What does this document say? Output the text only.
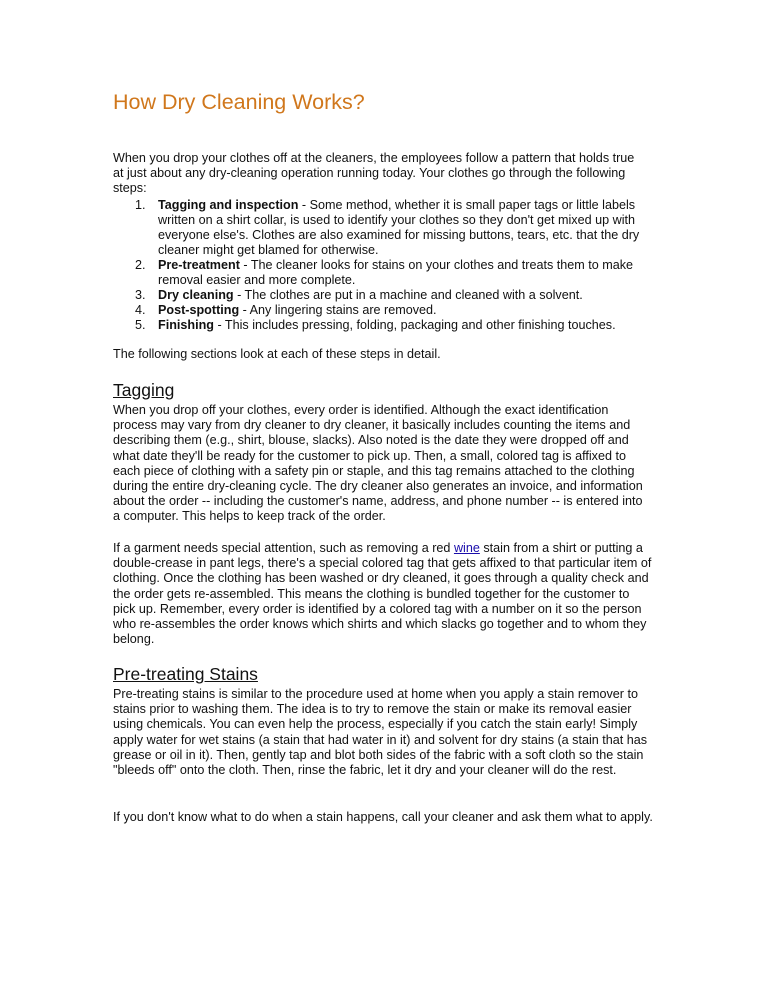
How Dry Cleaning Works?

When you drop your clothes off at the cleaners, the employees follow a pattern that holds true at just about any dry-cleaning operation running today. Your clothes go through the following steps:

1. Tagging and inspection - Some method, whether it is small paper tags or little labels written on a shirt collar, is used to identify your clothes so they don't get mixed up with everyone else's. Clothes are also examined for missing buttons, tears, etc. that the dry cleaner might get blamed for otherwise.
2. Pre-treatment - The cleaner looks for stains on your clothes and treats them to make removal easier and more complete.
3. Dry cleaning - The clothes are put in a machine and cleaned with a solvent.
4. Post-spotting - Any lingering stains are removed.
5. Finishing - This includes pressing, folding, packaging and other finishing touches.

The following sections look at each of these steps in detail.

Tagging

When you drop off your clothes, every order is identified. Although the exact identification process may vary from dry cleaner to dry cleaner, it basically includes counting the items and describing them (e.g., shirt, blouse, slacks). Also noted is the date they were dropped off and what date they'll be ready for the customer to pick up. Then, a small, colored tag is affixed to each piece of clothing with a safety pin or staple, and this tag remains attached to the clothing during the entire dry-cleaning cycle. The dry cleaner also generates an invoice, and information about the order -- including the customer's name, address, and phone number -- is entered into a computer. This helps to keep track of the order.

If a garment needs special attention, such as removing a red wine stain from a shirt or putting a double-crease in pant legs, there's a special colored tag that gets affixed to that particular item of clothing. Once the clothing has been washed or dry cleaned, it goes through a quality check and the order gets re-assembled. This means the clothing is bundled together for the customer to pick up. Remember, every order is identified by a colored tag with a number on it so the person who re-assembles the order knows which shirts and which slacks go together and to whom they belong.

Pre-treating Stains

Pre-treating stains is similar to the procedure used at home when you apply a stain remover to stains prior to washing them. The idea is to try to remove the stain or make its removal easier using chemicals. You can even help the process, especially if you catch the stain early! Simply apply water for wet stains (a stain that had water in it) and solvent for dry stains (a stain that has grease or oil in it). Then, gently tap and blot both sides of the fabric with a soft cloth so the stain "bleeds off" onto the cloth. Then, rinse the fabric, let it dry and your cleaner will do the rest.

If you don't know what to do when a stain happens, call your cleaner and ask them what to apply.
